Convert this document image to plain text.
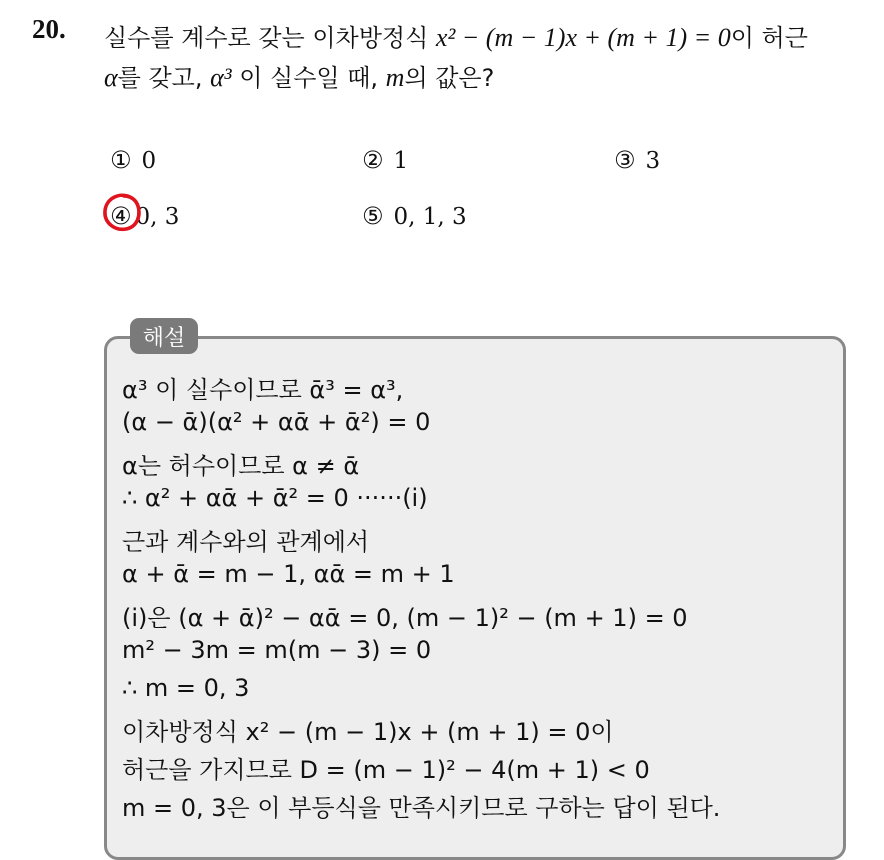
20. 실수를 계수로 갖는 이차방정식 x² − (m − 1)x + (m + 1) = 0이 허근
α를 갖고, α³ 이 실수일 때, m의 값은?
① 0	② 1	③ 3
④ 0, 3	⑤ 0, 1, 3
해설
α³ 이 실수이므로 ᾱ³ = α³,
(α − ᾱ)(α² + αᾱ + ᾱ²) = 0
α는 허수이므로 α ≠ ᾱ
∴ α² + αᾱ + ᾱ² = 0 ······(ⅰ)
근과 계수와의 관계에서
α + ᾱ = m − 1, αᾱ = m + 1
(ⅰ)은 (α + ᾱ)² − αᾱ = 0, (m − 1)² − (m + 1) = 0
m² − 3m = m(m − 3) = 0
∴ m = 0, 3
이차방정식 x² − (m − 1)x + (m + 1) = 0이
허근을 가지므로 D = (m − 1)² − 4(m + 1) < 0
m = 0, 3은 이 부등식을 만족시키므로 구하는 답이 된다.
